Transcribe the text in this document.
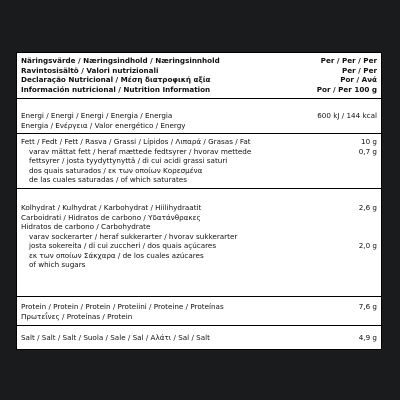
Näringsvärde / Næringsindhold / Næringsinnhold
Ravintosisältö / Valori nutrizionali
Declaração Nutricional / Μέση διατροφική αξία
Información nutricional / Nutrition Information
Per / Per / Per
Per / Per
Por / Ανά
Por / Per 100 g
Energi / Energi / Energi / Energia / Energia
Energia / Ενέργεια / Valor energético / Energy
600 kJ / 144 kcal
Fett / Fedt / Fett / Rasva / Grassi / Lípidos / Λιπαρά / Grasas / Fat
varav mättat fett / heraf mættede fedtsyrer / hvorav mettede
fettsyrer / josta tyydyttynyttä / di cui acidi grassi saturi
dos quais saturados / εκ των οποίων Κορεσμένα
de las cuales saturadas / of which saturates
10 g
0,7 g
Kolhydrat / Kulhydrat / Karbohydrat / Hiilihydraatit
Carboidrati / Hidratos de carbono / Υδατάνθρακες
Hidratos de carbono / Carbohydrate
varav sockerarter / heraf sukkerarter / hvorav sukkerarter
josta sokereita / di cui zuccheri / dos quais açúcares
εκ των οποίων Σάκχαρα / de los cuales azúcares
of which sugars
2,6 g
2,0 g
Protein / Protein / Protein / Proteiini / Proteine / Proteínas
Πρωτεΐνες / Proteínas / Protein
7,6 g
Salt / Salt / Salt / Suola / Sale / Sal / Αλάτι / Sal / Salt	4,9 g
